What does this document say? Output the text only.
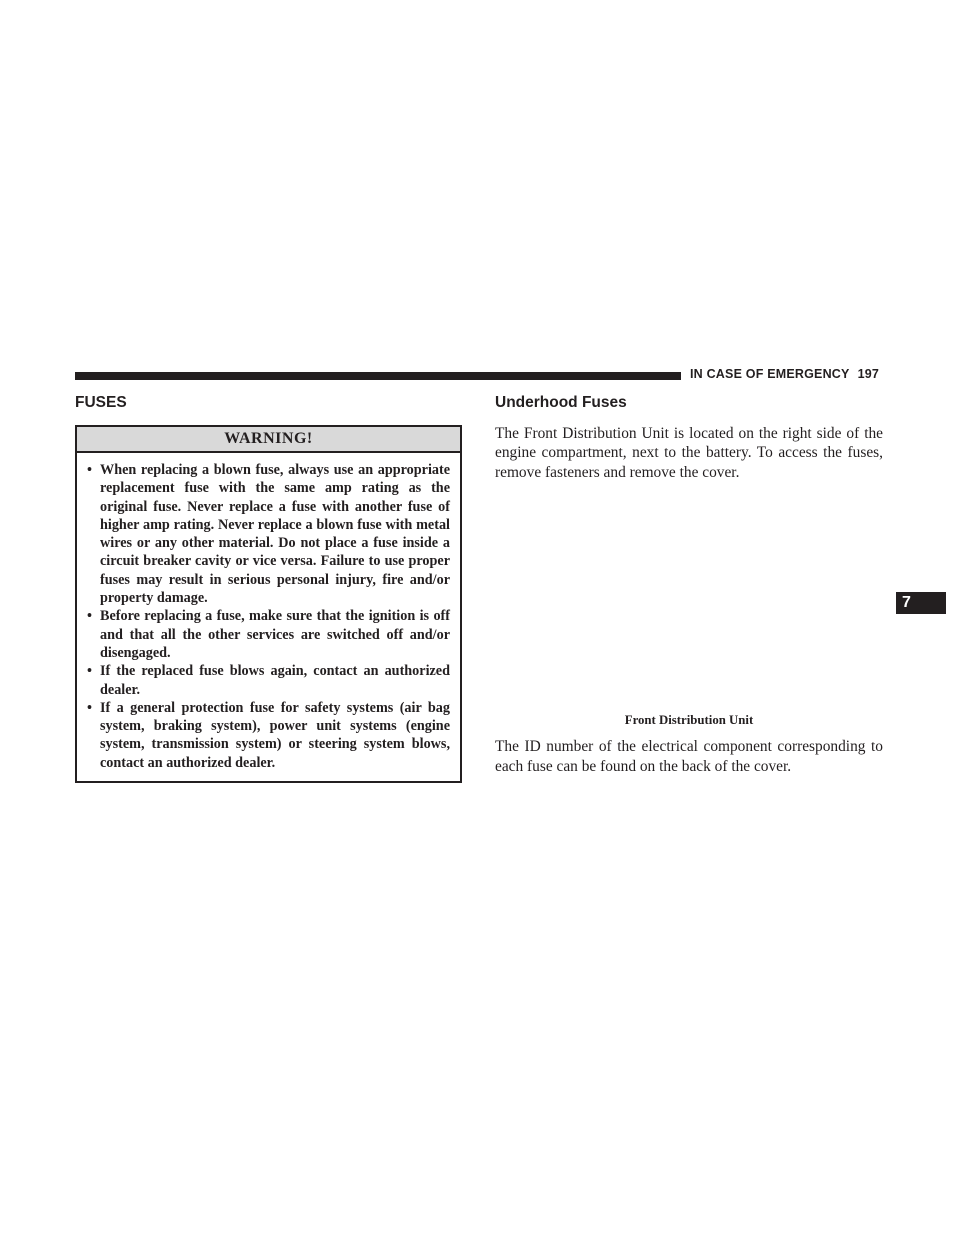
IN CASE OF EMERGENCY 197
FUSES
WARNING!
• When replacing a blown fuse, always use an appropriate replacement fuse with the same amp rating as the original fuse. Never replace a fuse with another fuse of higher amp rating. Never replace a blown fuse with metal wires or any other material. Do not place a fuse inside a circuit breaker cavity or vice versa. Failure to use proper fuses may result in serious personal injury, fire and/or property damage.
• Before replacing a fuse, make sure that the ignition is off and that all the other services are switched off and/or disengaged.
• If the replaced fuse blows again, contact an authorized dealer.
• If a general protection fuse for safety systems (air bag system, braking system), power unit systems (engine system, transmission system) or steering system blows, contact an authorized dealer.
Underhood Fuses

The Front Distribution Unit is located on the right side of the engine compartment, next to the battery. To access the fuses, remove fasteners and remove the cover.

Front Distribution Unit

The ID number of the electrical component corresponding to each fuse can be found on the back of the cover.

7
